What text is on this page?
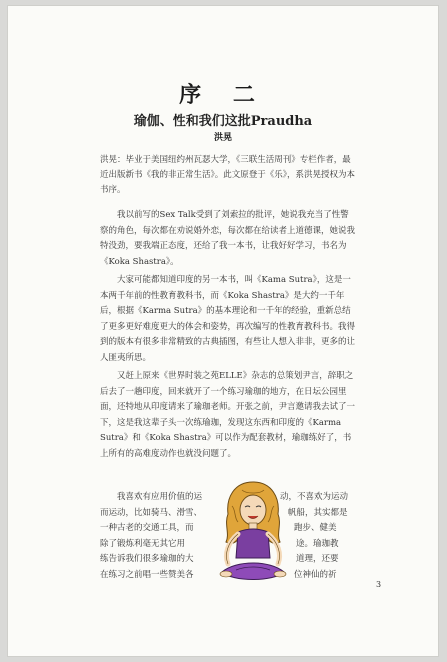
序 二
瑜伽、性和我们这批Praudha
洪晃
洪晃：毕业于美国纽约州瓦瑟大学，《三联生活周刊》专栏作者，最近出版新书《我的非正常生活》。此文原登于《乐》，系洪晃授权为本书序。

我以前写的Sex Talk受到了刘索拉的批评，她说我充当了性警察的角色，每次都在劝说婚外恋，每次都在给读者上道德课，她说我特没劲，要我端正态度，还给了我一本书，让我好好学习，书名为《Koka Shastra》。

大家可能都知道印度的另一本书，叫《Kama Sutra》，这是一本两千年前的性教育教科书，而《Koka Shastra》是大约一千年后，根据《Karma Sutra》的基本理论和一千年的经验，重新总结了更多更好难度更大的体会和姿势，再次编写的性教育教科书。我得到的版本有很多非常精致的古典插图，有些让人想入非非，更多的让人匪夷所思。

又赶上原来《世界时装之苑ELLE》杂志的总策划尹言，辞职之后去了一趟印度，回来就开了一个练习瑜珈的地方，在日坛公园里面，还特地从印度请来了瑜珈老师。开张之前，尹言邀请我去试了一下，这是我这辈子头一次练瑜珈，发现这东西和印度的《Karma Sutra》和《Koka Shastra》可以作为配套教材，瑜珈练好了，书上所有的高难度动作也就没问题了。

我喜欢有应用价值的运
而运动，比如骑马、滑雪、
一种古老的交通工具，而
除了锻炼利毫无其它用
练告诉我们很多瑜珈的大
在练习之前唱一些赞美各
动，不喜欢为运动
帆船，其实都是
跑步、健美
途。瑜珈教
道理，还要
位神仙的祈
3
